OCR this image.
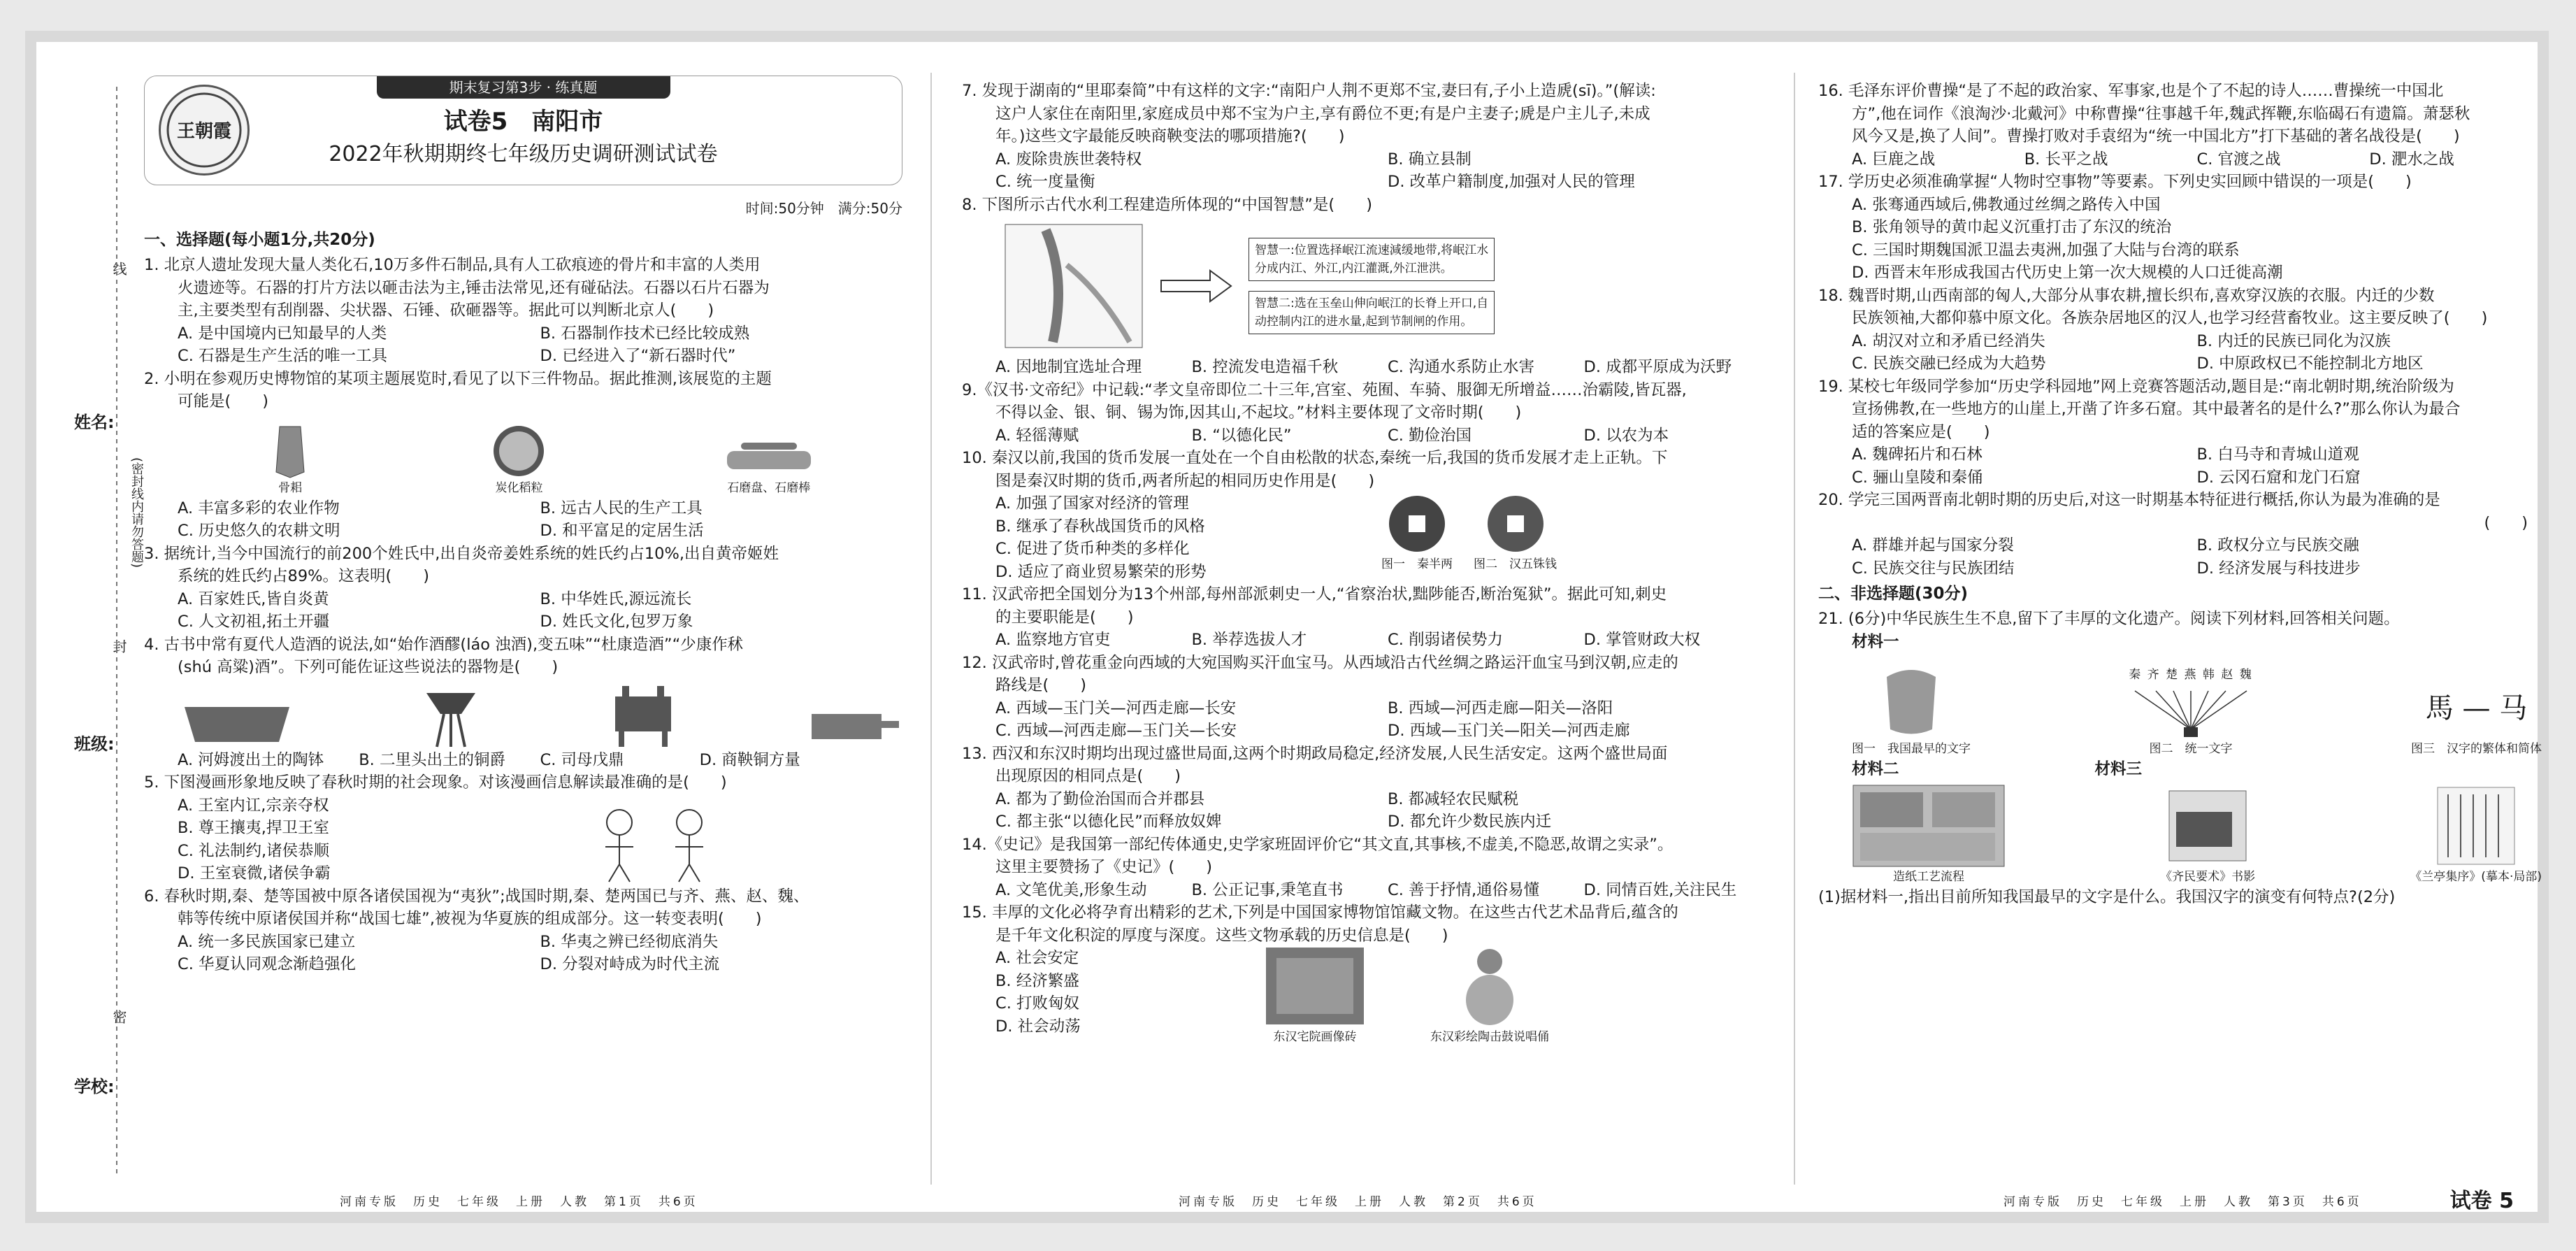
姓名:
班级:
学校:
线
封
密
(密封线内请勿答题)
王朝霞
期末复习第3步 · 练真题
试卷5　南阳市
2022年秋期期终七年级历史调研测试试卷
时间:50分钟　满分:50分
一、选择题(每小题1分,共20分)
1. 北京人遗址发现大量人类化石,10万多件石制品,具有人工砍痕迹的骨片和丰富的人类用
火遗迹等。石器的打片方法以砸击法为主,锤击法常见,还有碰砧法。石器以石片石器为
主,主要类型有刮削器、尖状器、石锤、砍砸器等。据此可以判断北京人(　　)
A. 是中国境内已知最早的人类	B. 石器制作技术已经比较成熟
C. 石器是生产生活的唯一工具	D. 已经进入了“新石器时代”
2. 小明在参观历史博物馆的某项主题展览时,看见了以下三件物品。据此推测,该展览的主题
可能是(　　)
骨耜	炭化稻粒	石磨盘、石磨棒
A. 丰富多彩的农业作物	B. 远古人民的生产工具
C. 历史悠久的农耕文明	D. 和平富足的定居生活
3. 据统计,当今中国流行的前200个姓氏中,出自炎帝姜姓系统的姓氏约占10%,出自黄帝姬姓
系统的姓氏约占89%。这表明(　　)
A. 百家姓氏,皆自炎黄	B. 中华姓氏,源远流长
C. 人文初祖,拓土开疆	D. 姓氏文化,包罗万象
4. 古书中常有夏代人造酒的说法,如“始作酒醪(láo 浊酒),变五味”“杜康造酒”“少康作秫
(shú 高粱)酒”。下列可能佐证这些说法的器物是(　　)
A. 河姆渡出土的陶钵	B. 二里头出土的铜爵	C. 司母戊鼎	D. 商鞅铜方量
5. 下图漫画形象地反映了春秋时期的社会现象。对该漫画信息解读最准确的是(　　)
A. 王室内讧,宗亲夺权
B. 尊王攘夷,捍卫王室
C. 礼法制约,诸侯恭顺
D. 王室衰微,诸侯争霸
6. 春秋时期,秦、楚等国被中原各诸侯国视为“夷狄”;战国时期,秦、楚两国已与齐、燕、赵、魏、
韩等传统中原诸侯国并称“战国七雄”,被视为华夏族的组成部分。这一转变表明(　　)
A. 统一多民族国家已建立	B. 华夷之辨已经彻底消失
C. 华夏认同观念渐趋强化	D. 分裂对峙成为时代主流
7. 发现于湖南的“里耶秦简”中有这样的文字:“南阳户人荆不更郑不宝,妻曰有,子小上造虒(sī)。”(解读:
这户人家住在南阳里,家庭成员中郑不宝为户主,享有爵位不更;有是户主妻子;虒是户主儿子,未成
年。)这些文字最能反映商鞅变法的哪项措施?(　　)
A. 废除贵族世袭特权	B. 确立县制
C. 统一度量衡	D. 改革户籍制度,加强对人民的管理
8. 下图所示古代水利工程建造所体现的“中国智慧”是(　　)
智慧一:位置选择岷江流速減缓地带,将岷江水
分成内江、外江,内江灌溉,外江泄洪。
智慧二:选在玉垒山伸向岷江的长脊上开口,自
动控制内江的进水量,起到节制闸的作用。
A. 因地制宜选址合理	B. 控流发电造福千秋	C. 沟通水系防止水害	D. 成都平原成为沃野
9.《汉书·文帝纪》中记载:“孝文皇帝即位二十三年,宫室、苑囿、车骑、服御无所增益……治霸陵,皆瓦器,
不得以金、银、铜、锡为饰,因其山,不起坟。”材料主要体现了文帝时期(　　)
A. 轻徭薄赋	B. “以德化民”	C. 勤俭治国	D. 以农为本
10. 秦汉以前,我国的货币发展一直处在一个自由松散的状态,秦统一后,我国的货币发展才走上正轨。下
图是秦汉时期的货币,两者所起的相同历史作用是(　　)
A. 加强了国家对经济的管理
B. 继承了春秋战国货币的风格
C. 促进了货币种类的多样化
D. 适应了商业贸易繁荣的形势	图一　秦半两 图二　汉五铢钱
11. 汉武帝把全国划分为13个州部,每州部派刺史一人,“省察治状,黜陟能否,断治冤狱”。据此可知,刺史
的主要职能是(　　)
A. 监察地方官吏	B. 举荐选拔人才	C. 削弱诸侯势力	D. 掌管财政大权
12. 汉武帝时,曾花重金向西域的大宛国购买汗血宝马。从西域沿古代丝绸之路运汗血宝马到汉朝,应走的
路线是(　　)
A. 西域—玉门关—河西走廊—长安	B. 西域—河西走廊—阳关—洛阳
C. 西域—河西走廊—玉门关—长安	D. 西域—玉门关—阳关—河西走廊
13. 西汉和东汉时期均出现过盛世局面,这两个时期政局稳定,经济发展,人民生活安定。这两个盛世局面
出现原因的相同点是(　　)
A. 都为了勤俭治国而合并郡县	B. 都减轻农民赋税
C. 都主张“以德化民”而释放奴婢	D. 都允许少数民族内迁
14.《史记》是我国第一部纪传体通史,史学家班固评价它“其文直,其事核,不虚美,不隐恶,故谓之实录”。
这里主要赞扬了《史记》(　　)
A. 文笔优美,形象生动	B. 公正记事,秉笔直书	C. 善于抒情,通俗易懂	D. 同情百姓,关注民生
15. 丰厚的文化必将孕育出精彩的艺术,下列是中国国家博物馆馆藏文物。在这些古代艺术品背后,蕴含的
是千年文化积淀的厚度与深度。这些文物承载的历史信息是(　　)
A. 社会安定
B. 经济繁盛
C. 打败匈奴
D. 社会动荡
东汉宅院画像砖	东汉彩绘陶击鼓说唱俑
16. 毛泽东评价曹操“是了不起的政治家、军事家,也是个了不起的诗人……曹操统一中国北
方”,他在词作《浪淘沙·北戴河》中称曹操“往事越千年,魏武挥鞭,东临碣石有遗篇。萧瑟秋
风今又是,换了人间”。曹操打败对手袁绍为“统一中国北方”打下基础的著名战役是(　　)
A. 巨鹿之战	B. 长平之战	C. 官渡之战	D. 淝水之战
17. 学历史必须准确掌握“人物时空事物”等要素。下列史实回顾中错误的一项是(　　)
A. 张骞通西域后,佛教通过丝绸之路传入中国
B. 张角领导的黄巾起义沉重打击了东汉的统治
C. 三国时期魏国派卫温去夷洲,加强了大陆与台湾的联系
D. 西晋末年形成我国古代历史上第一次大规模的人口迁徙高潮
18. 魏晋时期,山西南部的匈人,大部分从事农耕,擅长织布,喜欢穿汉族的衣服。内迁的少数
民族领袖,大都仰慕中原文化。各族杂居地区的汉人,也学习经营畜牧业。这主要反映了(　　)
A. 胡汉对立和矛盾已经消失	B. 内迁的民族已同化为汉族
C. 民族交融已经成为大趋势	D. 中原政权已不能控制北方地区
19. 某校七年级同学参加“历史学科园地”网上竞赛答题活动,题目是:“南北朝时期,统治阶级为
宣扬佛教,在一些地方的山崖上,开凿了许多石窟。其中最著名的是什么?”那么你认为最合
适的答案应是(　　)
A. 魏碑拓片和石林	B. 白马寺和青城山道观
C. 骊山皇陵和秦俑	D. 云冈石窟和龙门石窟
20. 学完三国两晋南北朝时期的历史后,对这一时期基本特征进行概括,你认为最为准确的是
(　　)
A. 群雄并起与国家分裂	B. 政权分立与民族交融
C. 民族交往与民族团结	D. 经济发展与科技进步
二、非选择题(30分)
21. (6分)中华民族生生不息,留下了丰厚的文化遗产。阅读下列材料,回答相关问题。
材料一
图一　我国最早的文字
秦 齐 楚 燕 韩 赵 魏
图二　统一文字
馬 — 马
图三　汉字的繁体和简体
材料二	材料三
造纸工艺流程	《齐民要术》书影	《兰亭集序》(摹本·局部)
(1)据材料一,指出目前所知我国最早的文字是什么。我国汉字的演变有何特点?(2分)
河南专版　历史　七年级　上册　人教　第1页　共6页	河南专版　历史　七年级　上册　人教　第2页　共6页	河南专版　历史　七年级　上册　人教　第3页　共6页	试卷 5
